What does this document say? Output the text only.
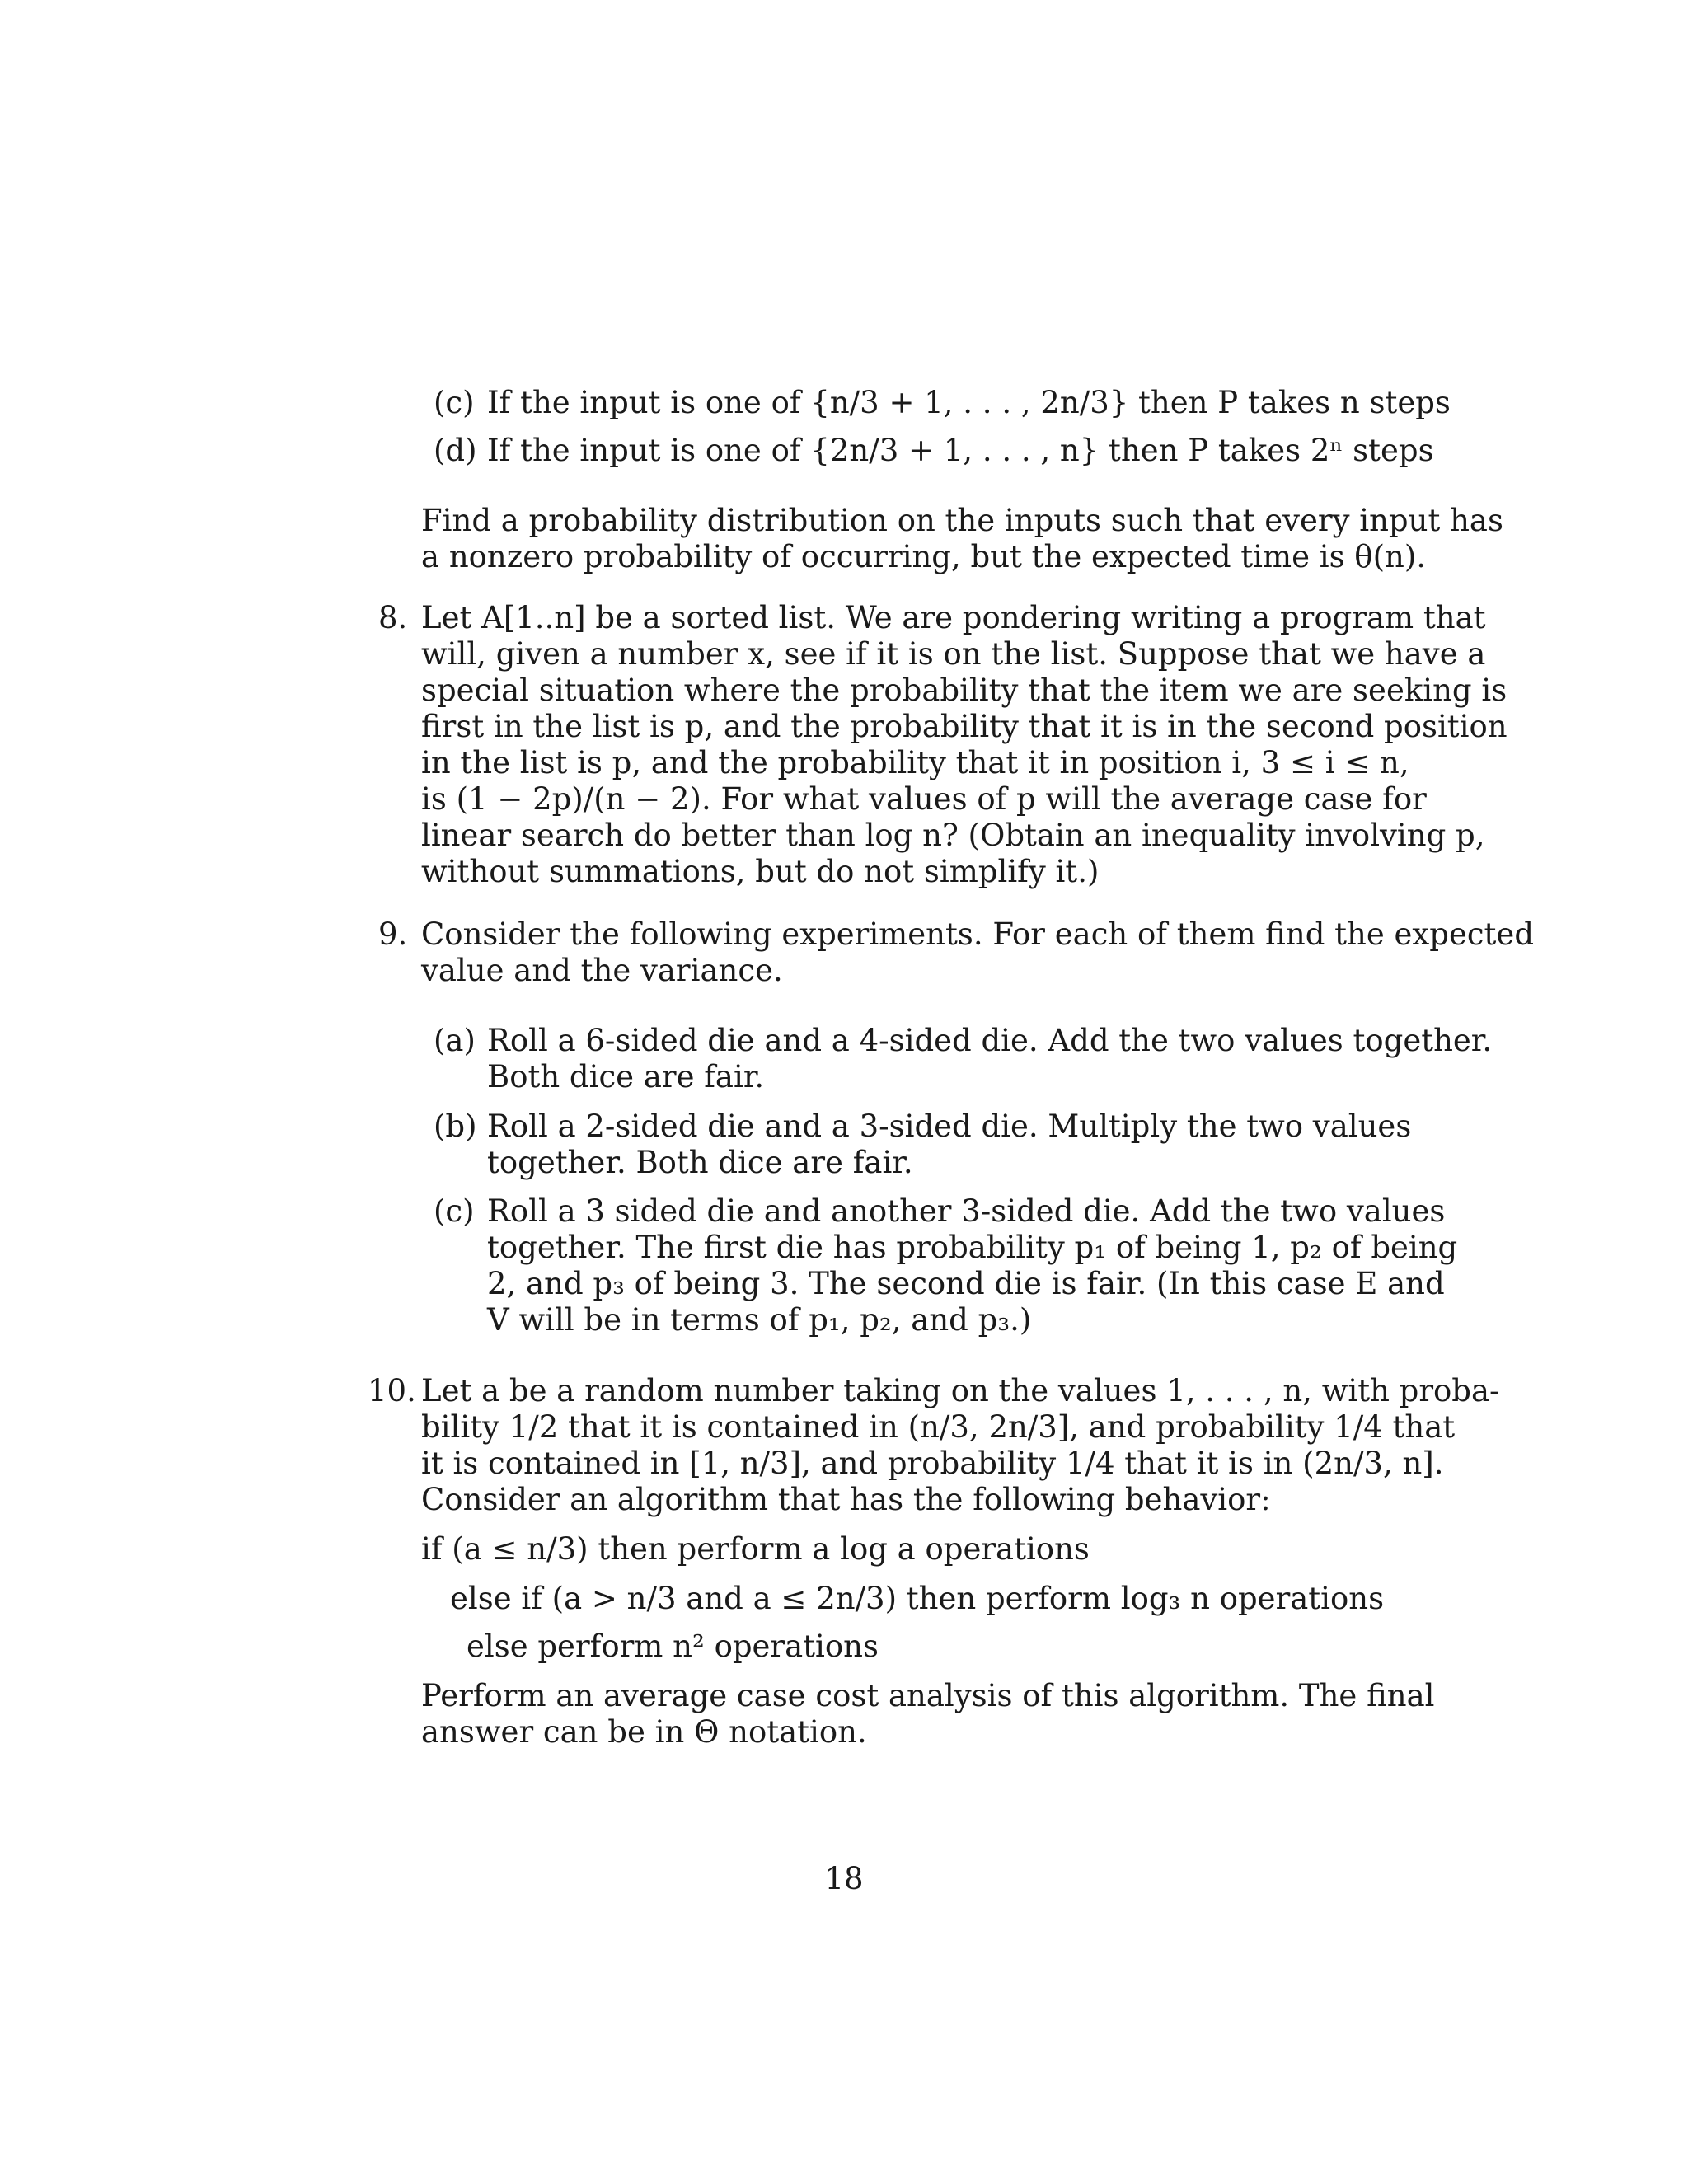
(c) If the input is one of {n/3 + 1, . . . , 2n/3} then P takes n steps
(d) If the input is one of {2n/3 + 1, . . . , n} then P takes 2ⁿ steps
Find a probability distribution on the inputs such that every input has
a nonzero probability of occurring, but the expected time is θ(n).
8. Let A[1..n] be a sorted list. We are pondering writing a program that
will, given a number x, see if it is on the list. Suppose that we have a
special situation where the probability that the item we are seeking is
first in the list is p, and the probability that it is in the second position
in the list is p, and the probability that it in position i, 3 ≤ i ≤ n,
is (1 − 2p)/(n − 2). For what values of p will the average case for
linear search do better than log n? (Obtain an inequality involving p,
without summations, but do not simplify it.)
9. Consider the following experiments. For each of them find the expected
value and the variance.
(a) Roll a 6-sided die and a 4-sided die. Add the two values together.
Both dice are fair.
(b) Roll a 2-sided die and a 3-sided die. Multiply the two values
together. Both dice are fair.
(c) Roll a 3 sided die and another 3-sided die. Add the two values
together. The first die has probability p₁ of being 1, p₂ of being
2, and p₃ of being 3. The second die is fair. (In this case E and
V will be in terms of p₁, p₂, and p₃.)
10. Let a be a random number taking on the values 1, . . . , n, with proba-
bility 1/2 that it is contained in (n/3, 2n/3], and probability 1/4 that
it is contained in [1, n/3], and probability 1/4 that it is in (2n/3, n].
Consider an algorithm that has the following behavior:
if (a ≤ n/3) then perform a log a operations
else if (a > n/3 and a ≤ 2n/3) then perform log₃ n operations
else perform n² operations
Perform an average case cost analysis of this algorithm. The final
answer can be in Θ notation.
18
